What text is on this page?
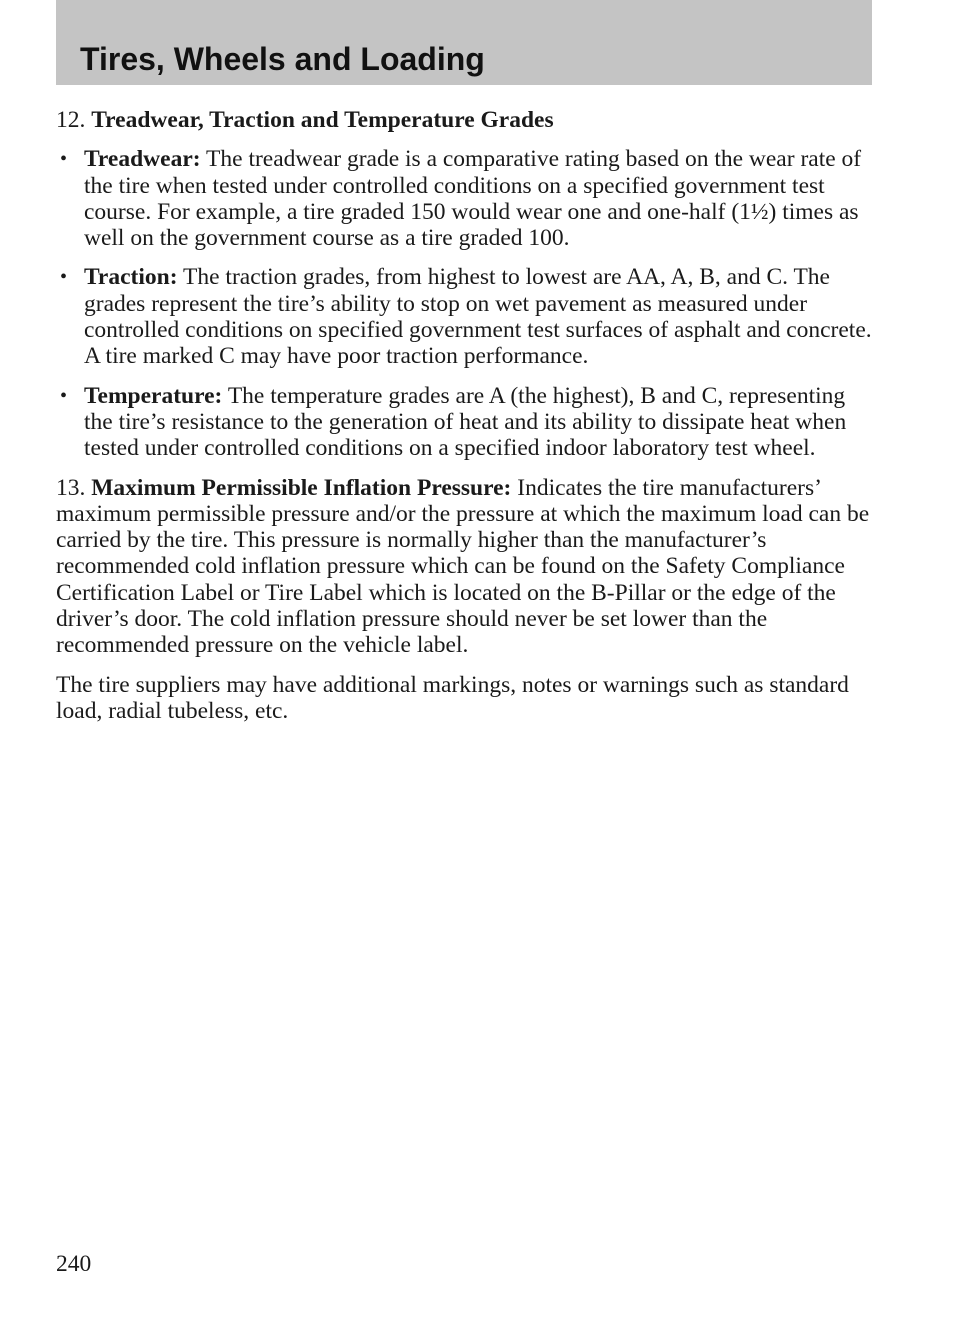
Tires, Wheels and Loading

12. Treadwear, Traction and Temperature Grades

• Treadwear: The treadwear grade is a comparative rating based on the wear rate of the tire when tested under controlled conditions on a specified government test course. For example, a tire graded 150 would wear one and one-half (1½) times as well on the government course as a tire graded 100.
• Traction: The traction grades, from highest to lowest are AA, A, B, and C. The grades represent the tire’s ability to stop on wet pavement as measured under controlled conditions on specified government test surfaces of asphalt and concrete. A tire marked C may have poor traction performance.
• Temperature: The temperature grades are A (the highest), B and C, representing the tire’s resistance to the generation of heat and its ability to dissipate heat when tested under controlled conditions on a specified indoor laboratory test wheel.

13. Maximum Permissible Inflation Pressure: Indicates the tire manufacturers’ maximum permissible pressure and/or the pressure at which the maximum load can be carried by the tire. This pressure is normally higher than the manufacturer’s recommended cold inflation pressure which can be found on the Safety Compliance Certification Label or Tire Label which is located on the B-Pillar or the edge of the driver’s door. The cold inflation pressure should never be set lower than the recommended pressure on the vehicle label.

The tire suppliers may have additional markings, notes or warnings such as standard load, radial tubeless, etc.

240
